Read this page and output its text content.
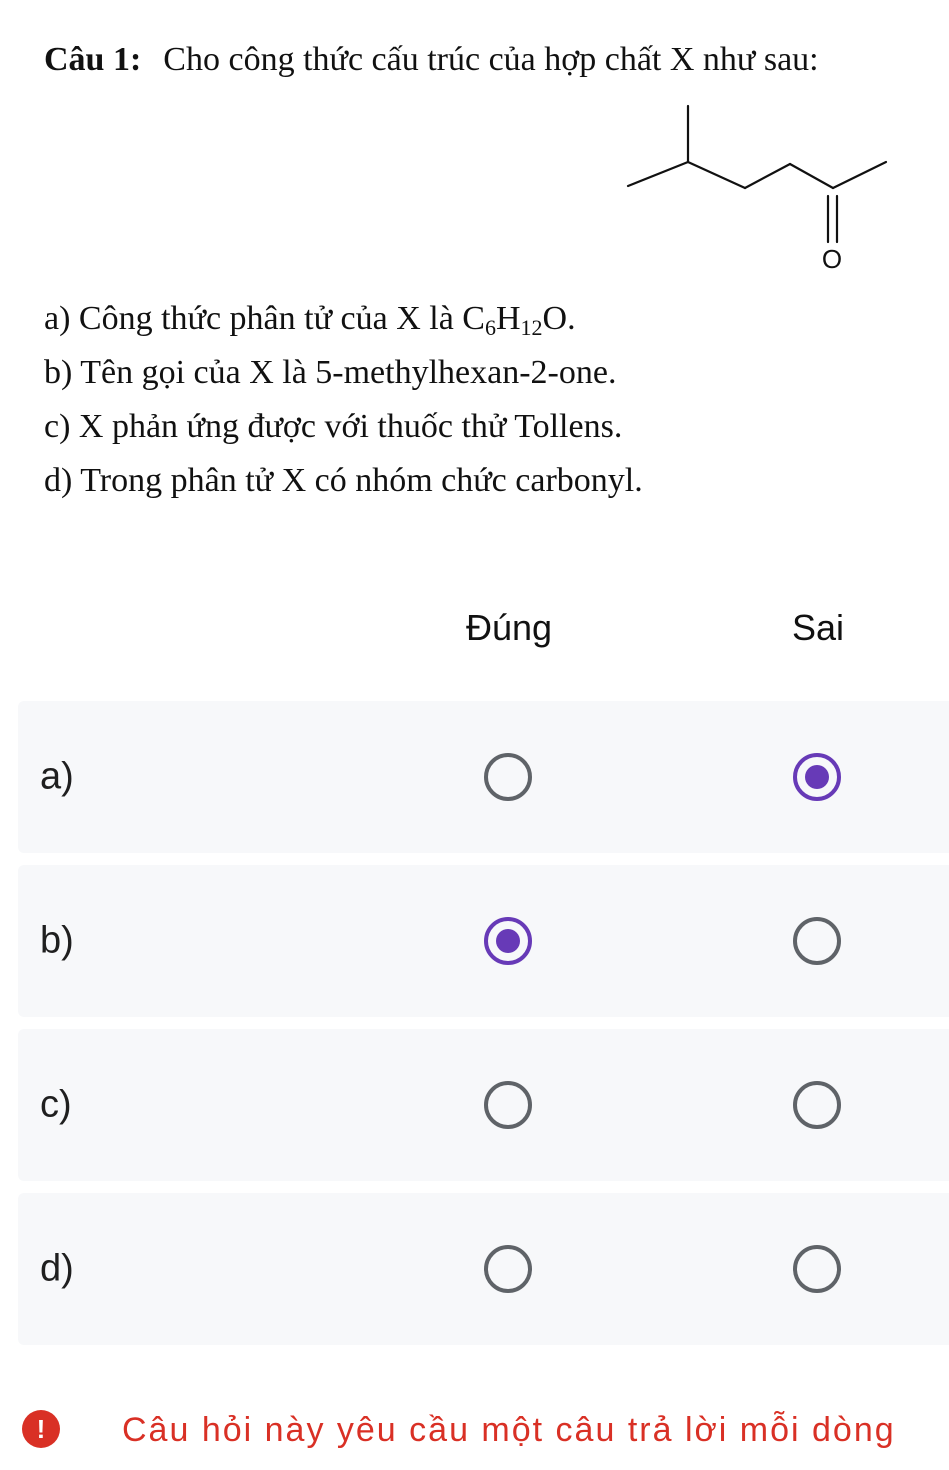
Câu 1: Cho công thức cấu trúc của hợp chất X như sau:
O
a) Công thức phân tử của X là $C_6H_{12}O$.
b) Tên gọi của X là 5-methylhexan-2-one.
c) X phản ứng được với thuốc thử Tollens.
d) Trong phân tử X có nhóm chức carbonyl.
Đúng	Sai
a)
b)
c)
d)
!	Câu hỏi này yêu cầu một câu trả lời mỗi dòng
